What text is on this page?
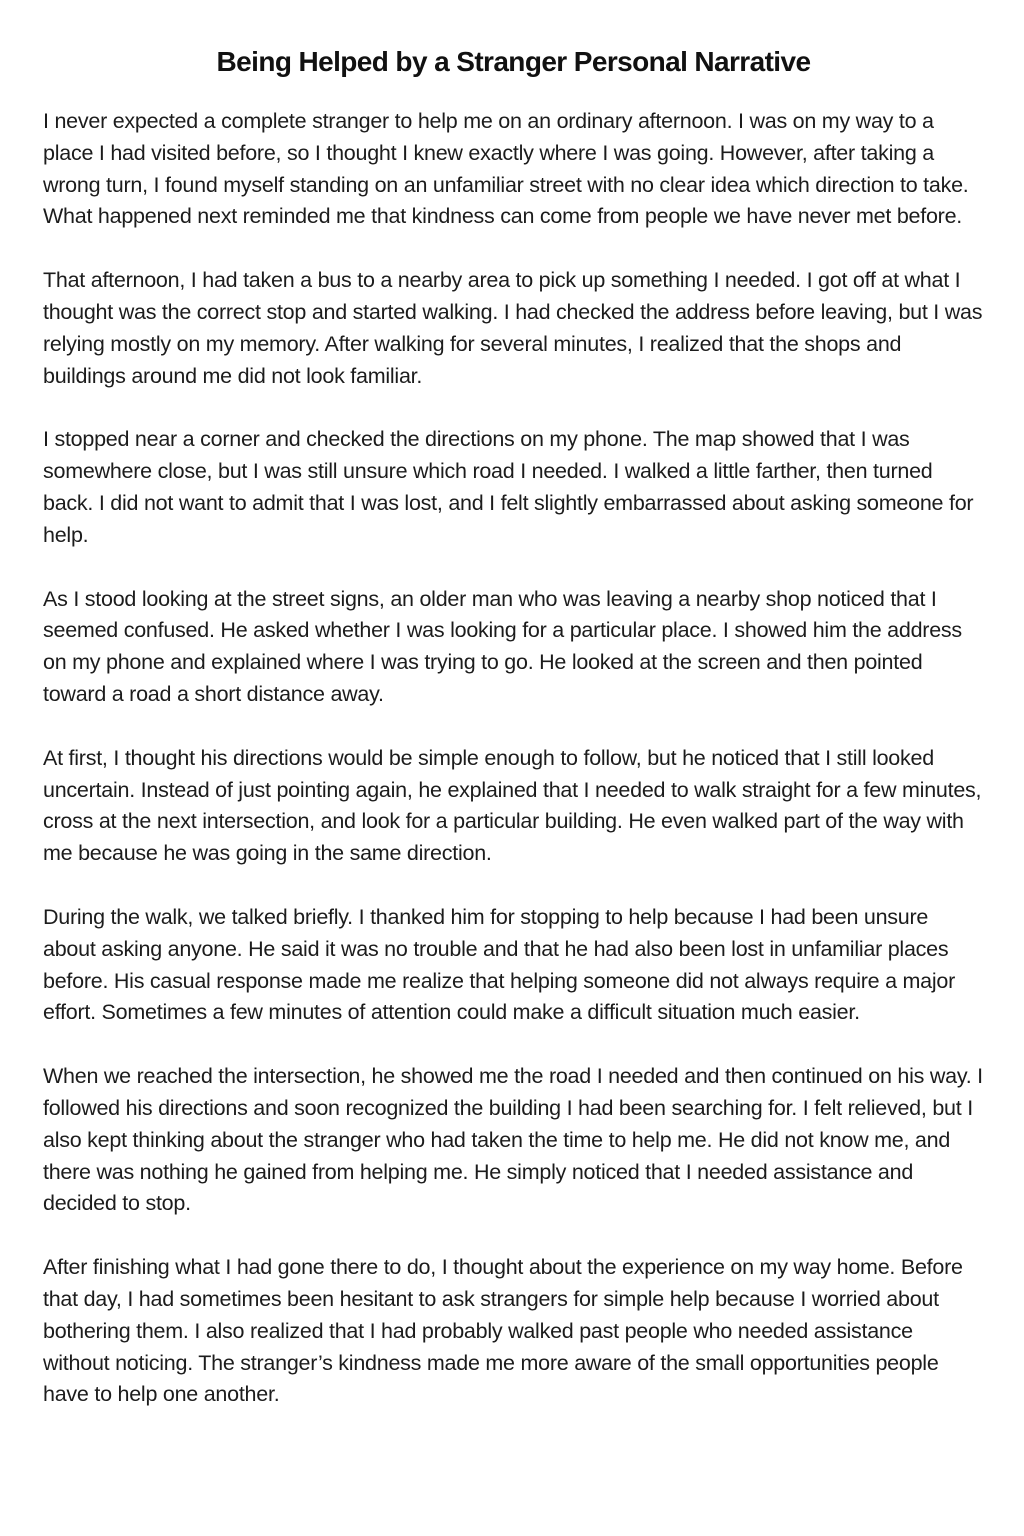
Being Helped by a Stranger Personal Narrative

I never expected a complete stranger to help me on an ordinary afternoon. I was on my way to a place I had visited before, so I thought I knew exactly where I was going. However, after taking a wrong turn, I found myself standing on an unfamiliar street with no clear idea which direction to take. What happened next reminded me that kindness can come from people we have never met before.

That afternoon, I had taken a bus to a nearby area to pick up something I needed. I got off at what I thought was the correct stop and started walking. I had checked the address before leaving, but I was relying mostly on my memory. After walking for several minutes, I realized that the shops and buildings around me did not look familiar.

I stopped near a corner and checked the directions on my phone. The map showed that I was somewhere close, but I was still unsure which road I needed. I walked a little farther, then turned back. I did not want to admit that I was lost, and I felt slightly embarrassed about asking someone for help.

As I stood looking at the street signs, an older man who was leaving a nearby shop noticed that I seemed confused. He asked whether I was looking for a particular place. I showed him the address on my phone and explained where I was trying to go. He looked at the screen and then pointed toward a road a short distance away.

At first, I thought his directions would be simple enough to follow, but he noticed that I still looked uncertain. Instead of just pointing again, he explained that I needed to walk straight for a few minutes, cross at the next intersection, and look for a particular building. He even walked part of the way with me because he was going in the same direction.

During the walk, we talked briefly. I thanked him for stopping to help because I had been unsure about asking anyone. He said it was no trouble and that he had also been lost in unfamiliar places before. His casual response made me realize that helping someone did not always require a major effort. Sometimes a few minutes of attention could make a difficult situation much easier.

When we reached the intersection, he showed me the road I needed and then continued on his way. I followed his directions and soon recognized the building I had been searching for. I felt relieved, but I also kept thinking about the stranger who had taken the time to help me. He did not know me, and there was nothing he gained from helping me. He simply noticed that I needed assistance and decided to stop.

After finishing what I had gone there to do, I thought about the experience on my way home. Before that day, I had sometimes been hesitant to ask strangers for simple help because I worried about bothering them. I also realized that I had probably walked past people who needed assistance without noticing. The stranger’s kindness made me more aware of the small opportunities people have to help one another.
